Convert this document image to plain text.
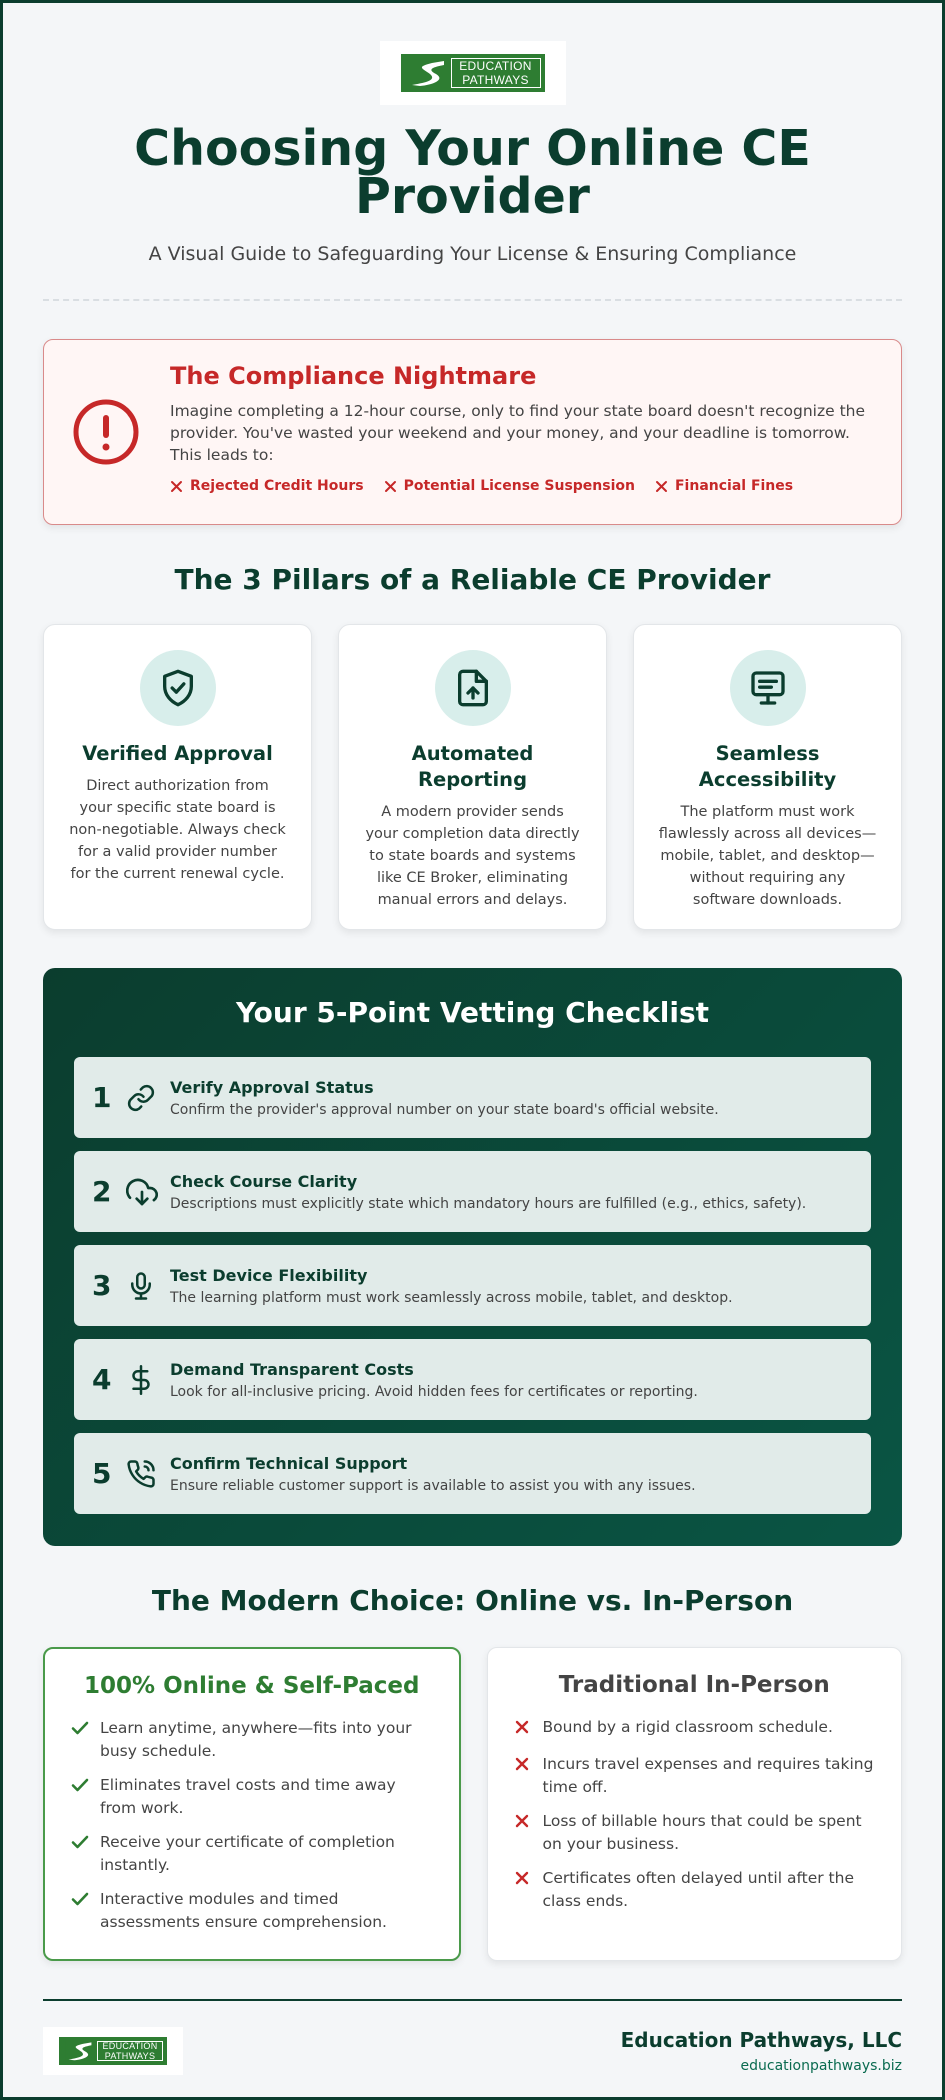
EDUCATION
PATHWAYS
Choosing Your Online CE Provider
A Visual Guide to Safeguarding Your License & Ensuring Compliance
The Compliance Nightmare

Imagine completing a 12-hour course, only to find your state board doesn't recognize the provider. You've wasted your weekend and your money, and your deadline is tomorrow. This leads to:

Rejected Credit Hours	Potential License Suspension	Financial Fines
The 3 Pillars of a Reliable CE Provider
Verified Approval

Direct authorization from your specific state board is non-negotiable. Always check for a valid provider number for the current renewal cycle.

Automated Reporting

A modern provider sends your completion data directly to state boards and systems like CE Broker, eliminating manual errors and delays.

Seamless Accessibility

The platform must work flawlessly across all devices—mobile, tablet, and desktop—without requiring any software downloads.

Your 5-Point Vetting Checklist
1	Verify Approval Status
Confirm the provider's approval number on your state board's official website.
2	Check Course Clarity
Descriptions must explicitly state which mandatory hours are fulfilled (e.g., ethics, safety).
3	Test Device Flexibility
The learning platform must work seamlessly across mobile, tablet, and desktop.
4	Demand Transparent Costs
Look for all-inclusive pricing. Avoid hidden fees for certificates or reporting.
5	Confirm Technical Support
Ensure reliable customer support is available to assist you with any issues.
The Modern Choice: Online vs. In-Person
100% Online & Self-Paced
Learn anytime, anywhere—fits into your busy schedule.
Eliminates travel costs and time away from work.
Receive your certificate of completion instantly.
Interactive modules and timed assessments ensure comprehension.
Traditional In-Person
Bound by a rigid classroom schedule.
Incurs travel expenses and requires taking time off.
Loss of billable hours that could be spent on your business.
Certificates often delayed until after the class ends.
EDUCATION
PATHWAYS
Education Pathways, LLC
educationpathways.biz
